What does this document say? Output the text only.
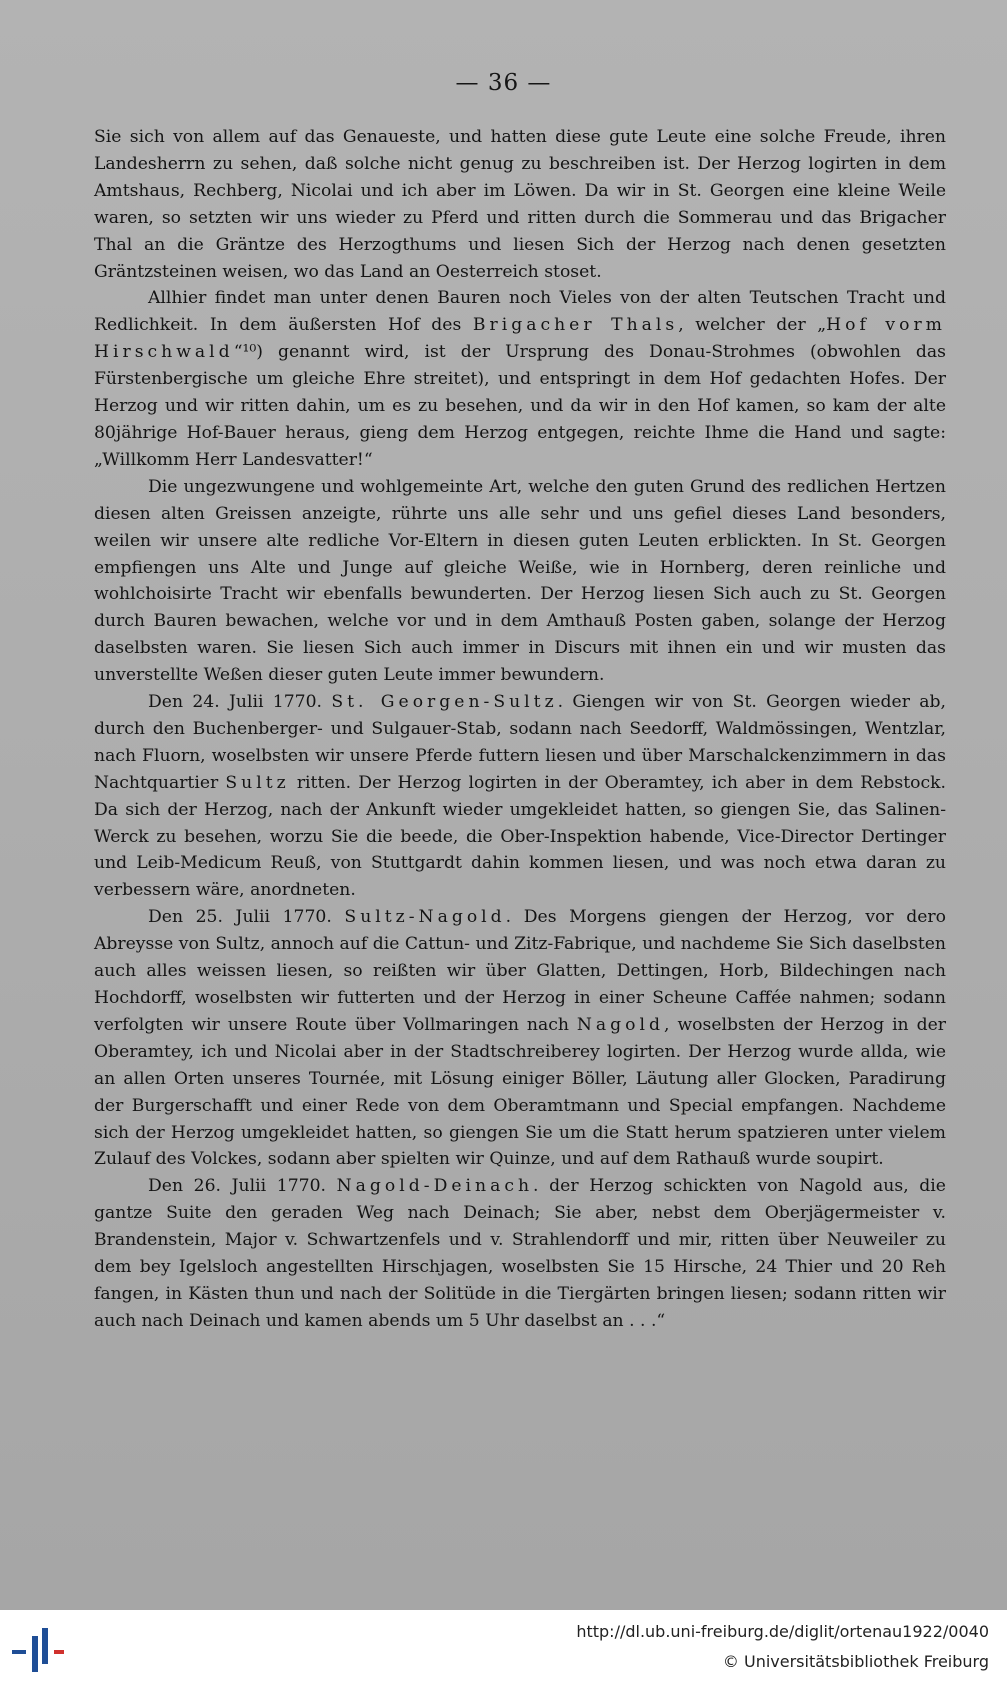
— 36 —

Sie sich von allem auf das Genaueste, und hatten diese gute Leute eine solche Freude, ihren Landesherrn zu sehen, daß solche nicht genug zu beschreiben ist. Der Herzog logirten in dem Amtshaus, Rechberg, Nicolai und ich aber im Löwen. Da wir in St. Georgen eine kleine Weile waren, so setzten wir uns wieder zu Pferd und ritten durch die Sommerau und das Brigacher Thal an die Gräntze des Herzogthums und liesen Sich der Herzog nach denen gesetzten Gräntzsteinen weisen, wo das Land an Oesterreich stoset.

Allhier findet man unter denen Bauren noch Vieles von der alten Teutschen Tracht und Redlichkeit. In dem äußersten Hof des Brigacher Thals, welcher der „Hof vorm Hirschwald“¹⁰) genannt wird, ist der Ursprung des Donau-Strohmes (obwohlen das Fürstenbergische um gleiche Ehre streitet), und entspringt in dem Hof gedachten Hofes. Der Herzog und wir ritten dahin, um es zu besehen, und da wir in den Hof kamen, so kam der alte 80jährige Hof-Bauer heraus, gieng dem Herzog entgegen, reichte Ihme die Hand und sagte: „Willkomm Herr Landesvatter!“

Die ungezwungene und wohlgemeinte Art, welche den guten Grund des redlichen Hertzen diesen alten Greissen anzeigte, rührte uns alle sehr und uns gefiel dieses Land besonders, weilen wir unsere alte redliche Vor-Eltern in diesen guten Leuten erblickten. In St. Georgen empfiengen uns Alte und Junge auf gleiche Weiße, wie in Hornberg, deren reinliche und wohlchoisirte Tracht wir ebenfalls bewunderten. Der Herzog liesen Sich auch zu St. Georgen durch Bauren bewachen, welche vor und in dem Amthauß Posten gaben, solange der Herzog daselbsten waren. Sie liesen Sich auch immer in Discurs mit ihnen ein und wir musten das unverstellte Weßen dieser guten Leute immer bewundern.

Den 24. Julii 1770. St. Georgen-Sultz. Giengen wir von St. Georgen wieder ab, durch den Buchenberger- und Sulgauer-Stab, sodann nach Seedorff, Waldmössingen, Wentzlar, nach Fluorn, woselbsten wir unsere Pferde futtern liesen und über Marschalckenzimmern in das Nachtquartier Sultz ritten. Der Herzog logirten in der Oberamtey, ich aber in dem Rebstock. Da sich der Herzog, nach der Ankunft wieder umgekleidet hatten, so giengen Sie, das Salinen-Werck zu besehen, worzu Sie die beede, die Ober-Inspektion habende, Vice-Director Dertinger und Leib-Medicum Reuß, von Stuttgardt dahin kommen liesen, und was noch etwa daran zu verbessern wäre, anordneten.

Den 25. Julii 1770. Sultz-Nagold. Des Morgens giengen der Herzog, vor dero Abreysse von Sultz, annoch auf die Cattun- und Zitz-Fabrique, und nachdeme Sie Sich daselbsten auch alles weissen liesen, so reißten wir über Glatten, Dettingen, Horb, Bildechingen nach Hochdorff, woselbsten wir futterten und der Herzog in einer Scheune Caffée nahmen; sodann verfolgten wir unsere Route über Vollmaringen nach Nagold, woselbsten der Herzog in der Oberamtey, ich und Nicolai aber in der Stadtschreiberey logirten. Der Herzog wurde allda, wie an allen Orten unseres Tournée, mit Lösung einiger Böller, Läutung aller Glocken, Paradirung der Burgerschafft und einer Rede von dem Oberamtmann und Special empfangen. Nachdeme sich der Herzog umgekleidet hatten, so giengen Sie um die Statt herum spatzieren unter vielem Zulauf des Volckes, sodann aber spielten wir Quinze, und auf dem Rathauß wurde soupirt.

Den 26. Julii 1770. Nagold-Deinach. der Herzog schickten von Nagold aus, die gantze Suite den geraden Weg nach Deinach; Sie aber, nebst dem Oberjägermeister v. Brandenstein, Major v. Schwartzenfels und v. Strahlendorff und mir, ritten über Neuweiler zu dem bey Igelsloch angestellten Hirschjagen, woselbsten Sie 15 Hirsche, 24 Thier und 20 Reh fangen, in Kästen thun und nach der Solitüde in die Tiergärten bringen liesen; sodann ritten wir auch nach Deinach und kamen abends um 5 Uhr daselbst an . . .“

http://dl.ub.uni-freiburg.de/diglit/ortenau1922/0040
© Universitätsbibliothek Freiburg
